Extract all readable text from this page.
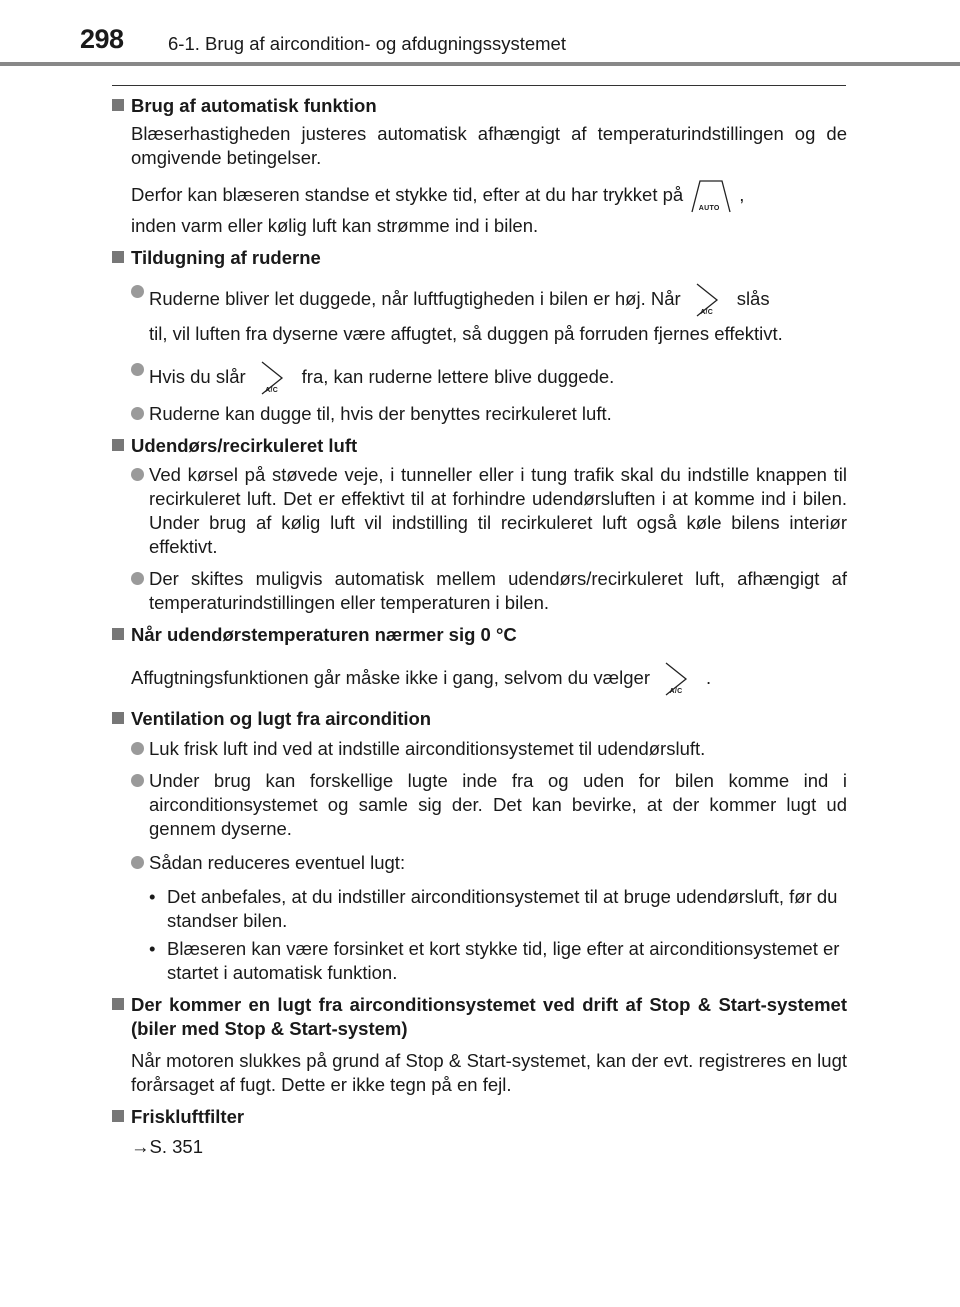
298 6-1. Brug af aircondition- og afdugningssystemet
Brug af automatisk funktion
Blæserhastigheden justeres automatisk afhængigt af temperaturindstillingen og de omgivende betingelser.
Derfor kan blæseren standse et stykke tid, efter at du har trykket på
AUTO
,
inden varm eller kølig luft kan strømme ind i bilen.
Tildugning af ruderne
Ruderne bliver let duggede, når luftfugtigheden i bilen er høj. Når
A/C
slås
til, vil luften fra dyserne være affugtet, så duggen på forruden fjernes effektivt.
Hvis du slår
A/C
fra, kan ruderne lettere blive duggede.
Ruderne kan dugge til, hvis der benyttes recirkuleret luft.
Udendørs/recirkuleret luft
Ved kørsel på støvede veje, i tunneller eller i tung trafik skal du indstille knappen til recirkuleret luft. Det er effektivt til at forhindre udendørsluften i at komme ind i bilen. Under brug af kølig luft vil indstilling til recirkuleret luft også køle bilens interiør effektivt.
Der skiftes muligvis automatisk mellem udendørs/recirkuleret luft, afhængigt af temperaturindstillingen eller temperaturen i bilen.
Når udendørstemperaturen nærmer sig 0 °C
Affugtningsfunktionen går måske ikke i gang, selvom du vælger
A/C
.
Ventilation og lugt fra aircondition
Luk frisk luft ind ved at indstille airconditionsystemet til udendørsluft.
Under brug kan forskellige lugte inde fra og uden for bilen komme ind i airconditionsystemet og samle sig der. Det kan bevirke, at der kommer lugt ud gennem dyserne.
Sådan reduceres eventuel lugt:
• Det anbefales, at du indstiller airconditionsystemet til at bruge udendørsluft, før du standser bilen.
• Blæseren kan være forsinket et kort stykke tid, lige efter at airconditionsystemet er startet i automatisk funktion.
Der kommer en lugt fra airconditionsystemet ved drift af Stop & Start-systemet (biler med Stop & Start-system)
Når motoren slukkes på grund af Stop & Start-systemet, kan der evt. registreres en lugt forårsaget af fugt. Dette er ikke tegn på en fejl.
Friskluftfilter
→S. 351
